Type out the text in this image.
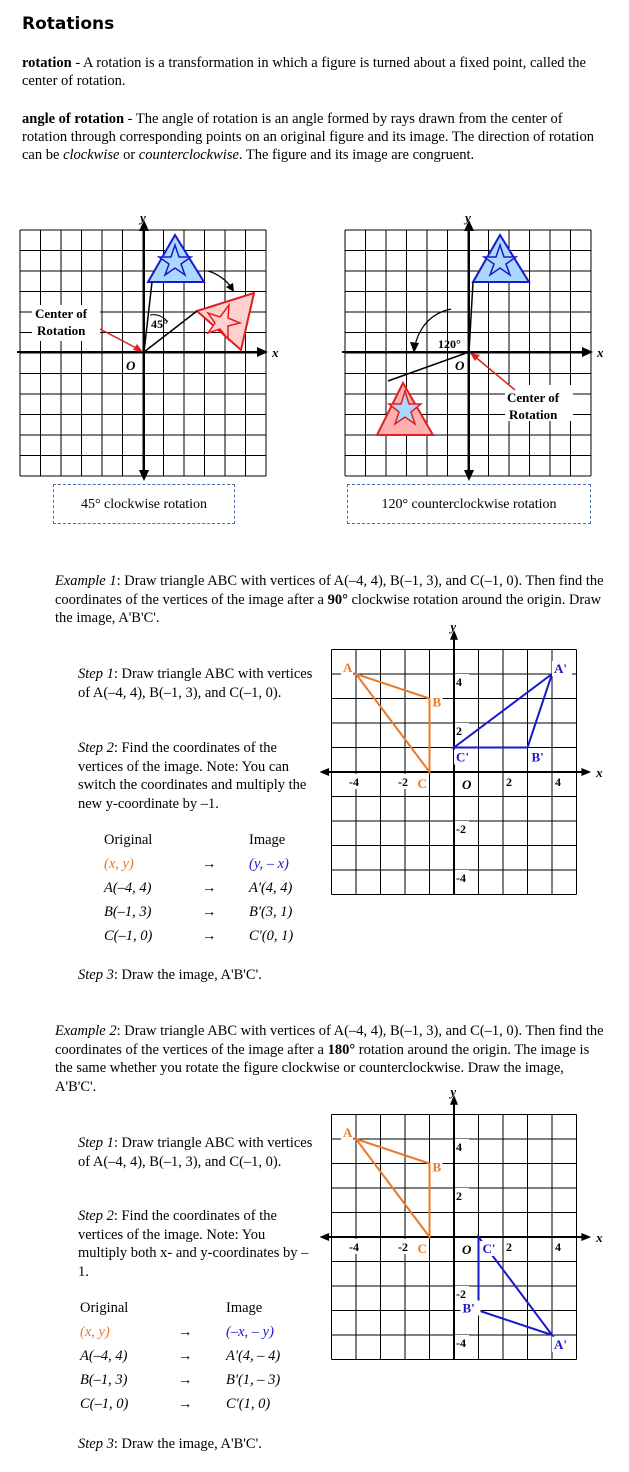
Rotations
rotation - A rotation is a transformation in which a figure is turned about a fixed point, called the center of rotation.
angle of rotation - The angle of rotation is an angle formed by rays drawn from the center of rotation through corresponding points on an original figure and its image. The direction of rotation can be clockwise or counterclockwise. The figure and its image are congruent.
y
x
O
45°
Center of
Rotation
45° clockwise rotation
y
x
O
120°
Center of
Rotation
120° counterclockwise rotation
Example 1: Draw triangle ABC with vertices of A(–4, 4), B(–1, 3), and C(–1, 0). Then find the coordinates of the vertices of the image after a 90° clockwise rotation around the origin. Draw the image, A'B'C'.
Step 1: Draw triangle ABC with vertices of A(–4, 4), B(–1, 3), and C(–1, 0).
Step 2: Find the coordinates of the vertices of the image. Note: You can switch the coordinates and multiply the new y-coordinate by –1.
Original	Image
(x, y)	→ (y, – x)
A(–4, 4)	→ A'(4, 4)
B(–1, 3)	→ B'(3, 1)
C(–1, 0)	→ C'(0, 1)
Step 3: Draw the image, A'B'C'.
x
y
O
-4	-2	2	4
4
2
-2
-4
A
B
C
A'
B'
C'
Example 2: Draw triangle ABC with vertices of A(–4, 4), B(–1, 3), and C(–1, 0). Then find the coordinates of the vertices of the image after a 180° rotation around the origin. The image is the same whether you rotate the figure clockwise or counterclockwise. Draw the image, A'B'C'.
Step 1: Draw triangle ABC with vertices of A(–4, 4), B(–1, 3), and C(–1, 0).
Step 2: Find the coordinates of the vertices of the image. Note: You multiply both x- and y-coordinates by –1.
Original	Image
(x, y)	→ (–x, – y)
A(–4, 4)	→ A'(4, – 4)
B(–1, 3)	→ B'(1, – 3)
C(–1, 0)	→ C'(1, 0)
Step 3: Draw the image, A'B'C'.
x
y
O
-4	-2	2	4
4
2
-2
-4
A
B
C
A'
B'
C'
